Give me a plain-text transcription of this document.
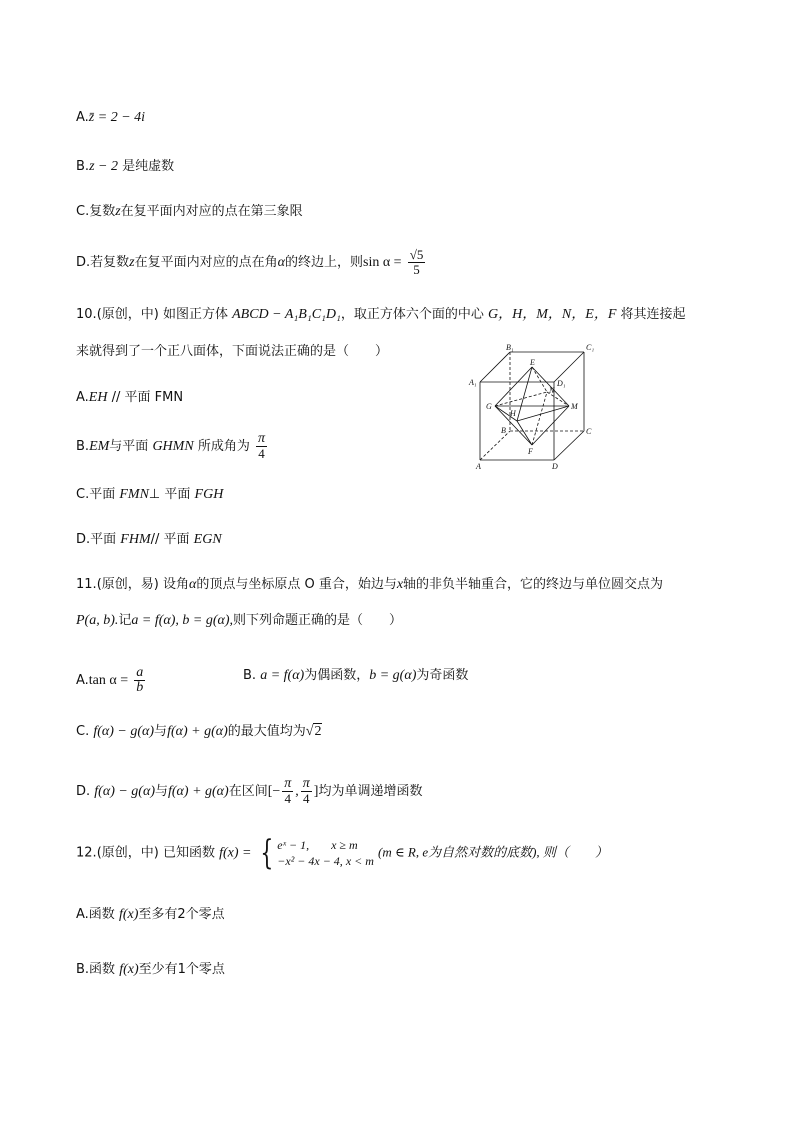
A.z̄ = 2 − 4i
B.z − 2 是纯虚数
C.复数z在复平面内对应的点在第三象限
D.若复数z在复平面内对应的点在角α的终边上，则$\sin \alpha = \frac{√5}{5}$
10.(原创，中) 如图正方体 ABCD − A₁B₁C₁D₁，取正方体六个面的中心 G，H，M，N，E，F 将其连接起
来就得到了一个正八面体，下面说法正确的是（　　）
A.EH // 平面 FMN
B.EM与平面 GHMN 所成角为 $\frac{\pi}{4}$
C.平面 FMN⊥ 平面 FGH
D.平面 FHM// 平面 EGN
B₁	C₁
A₁	D₁
E
N
G
H
M
B	C
F
A	D
11.(原创，易) 设角α的顶点与坐标原点 O 重合，始边与x轴的非负半轴重合，它的终边与单位圆交点为
P(a, b).记a = f(α), b = g(α),则下列命题正确的是（　　）
A.tan $\alpha = \frac{a}{b}$	B. a = f(α)为偶函数，b = g(α)为奇函数
C. f(α) − g(α)与f(α) + g(α)的最大值均为√2
D. f(α) − g(α)与f(α) + g(α)在区间[− $\frac{\pi}{4}$ , $\frac{\pi}{4}$ ]均为单调递增函数
12.(原创，中) 已知函数 f(x) = { eˣ − 1, x ≥ m
−x² − 4x − 4, x < m
(m ∈ R, e为自然对数的底数), 则（　　）
A.函数 f(x)至多有2个零点
B.函数 f(x)至少有1个零点
